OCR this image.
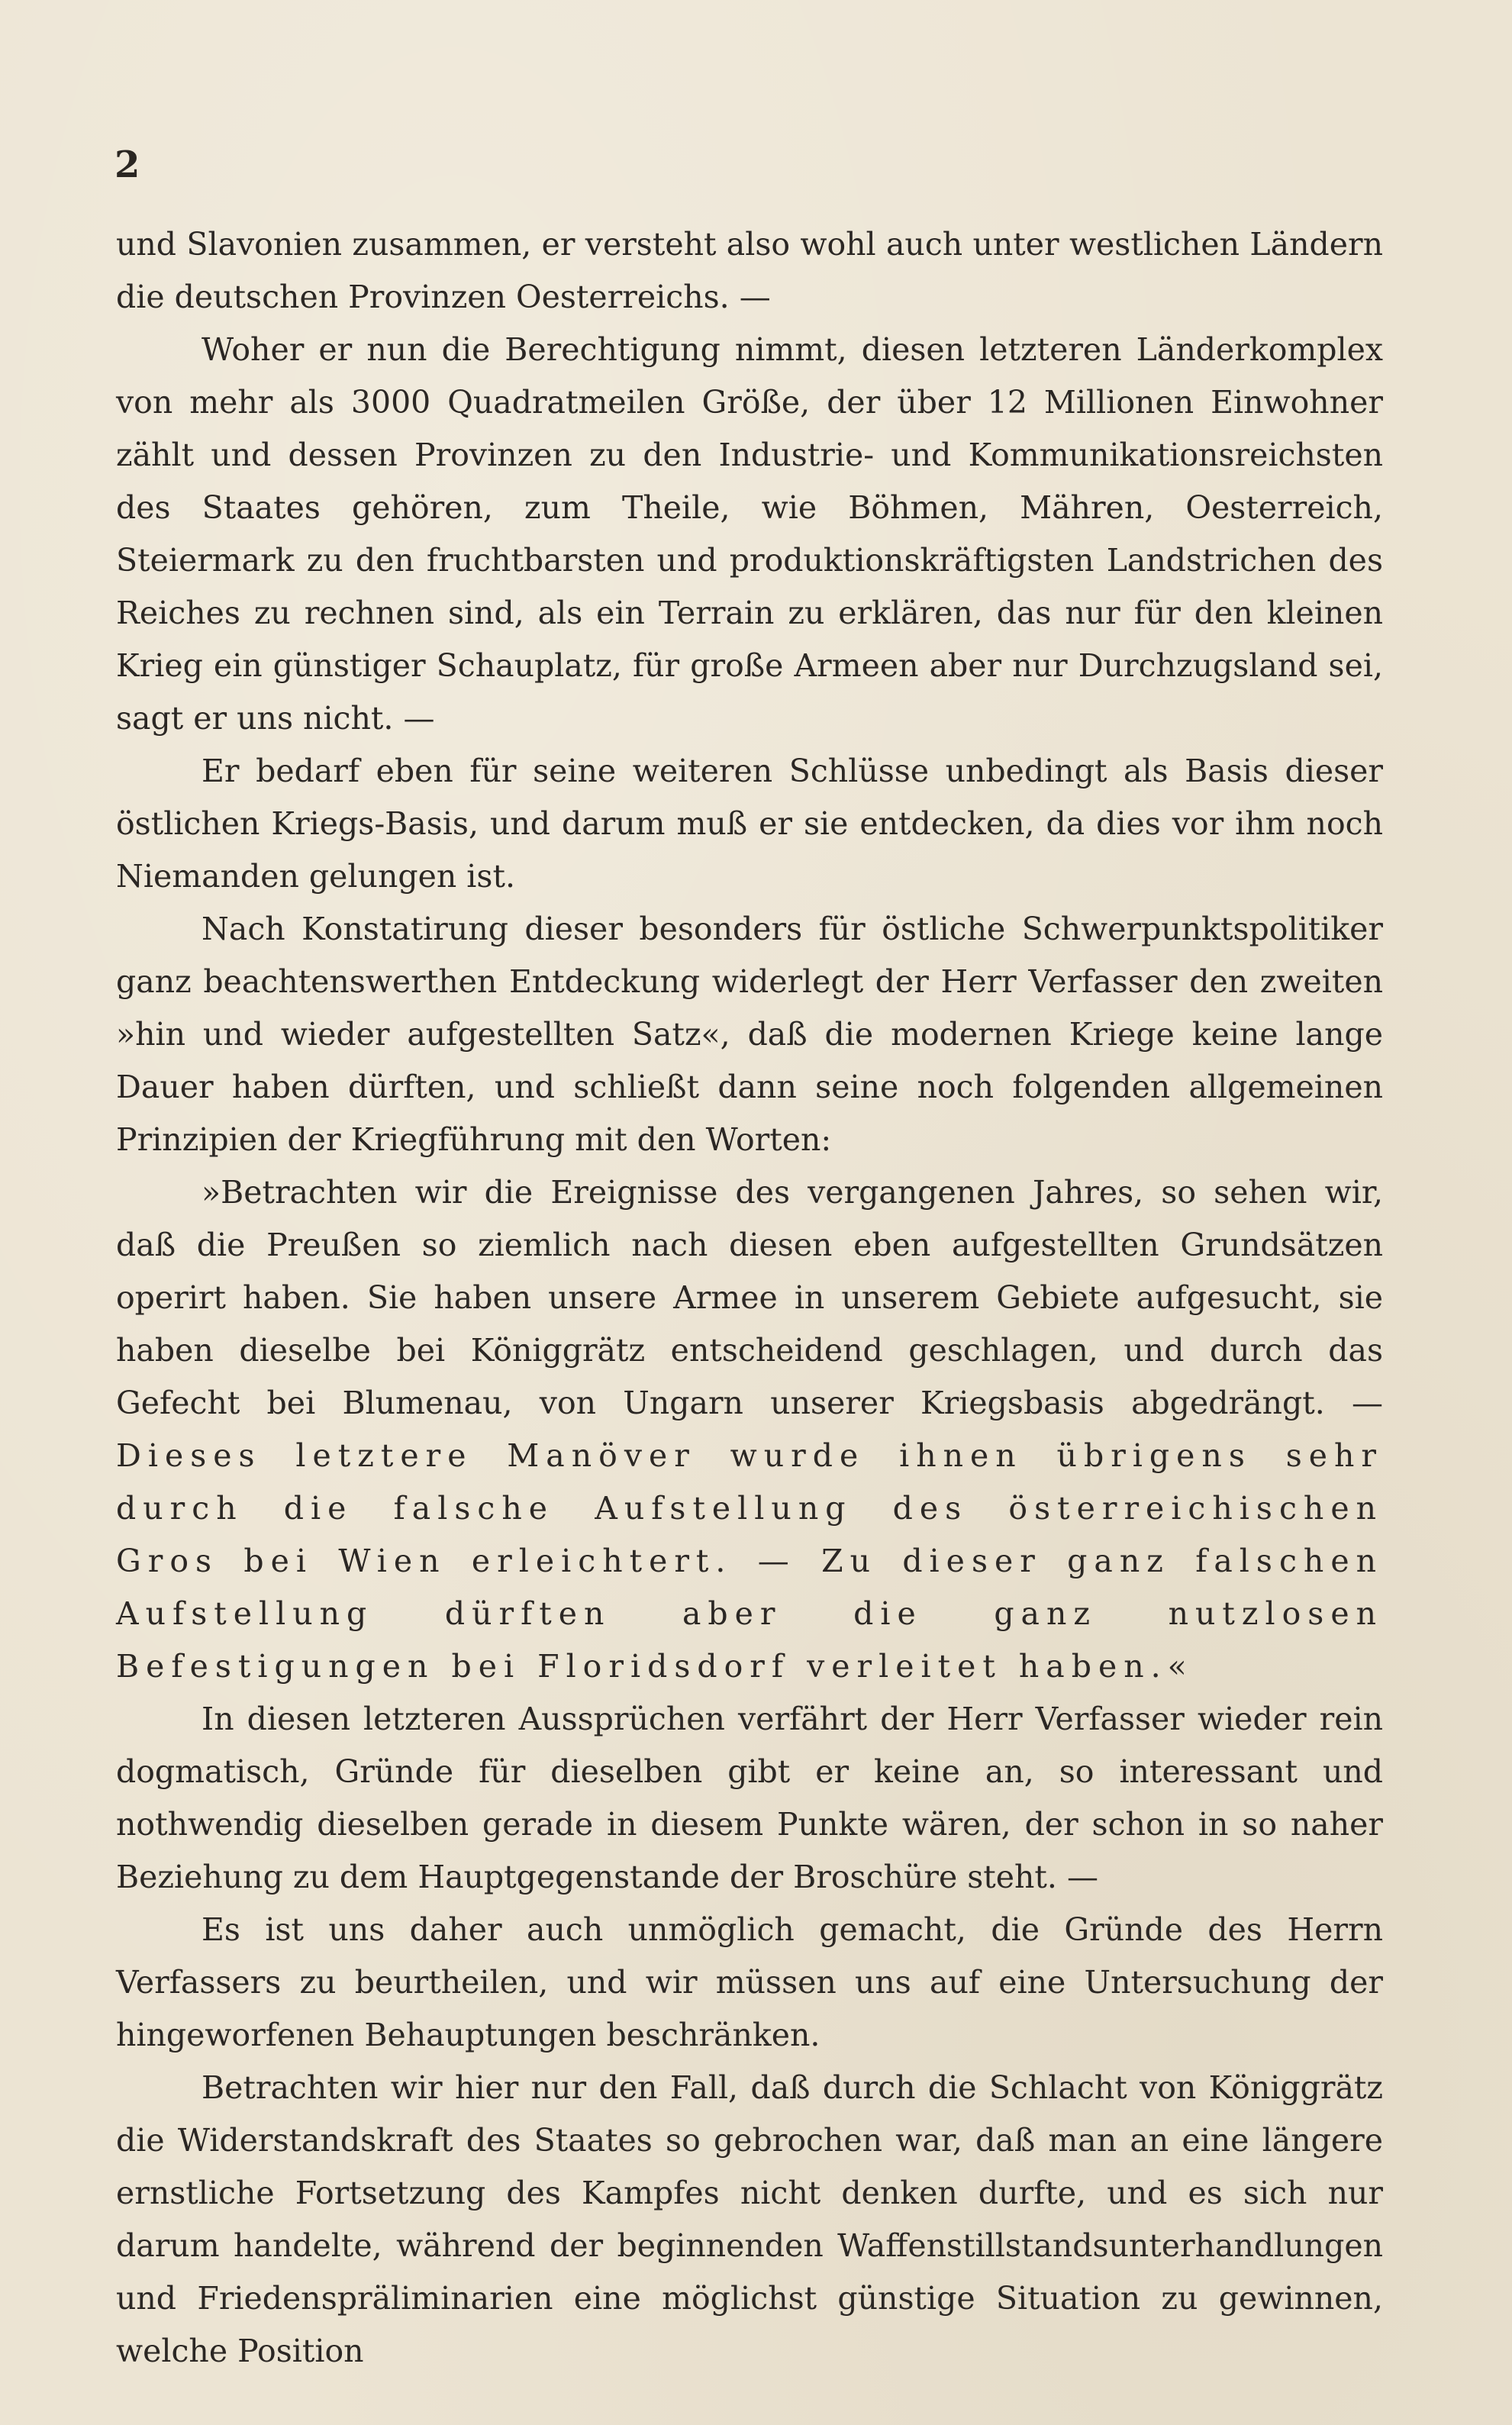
2

und Slavonien zusammen, er versteht also wohl auch unter westlichen Ländern die deutschen Provinzen Oesterreichs. —

Woher er nun die Berechtigung nimmt, diesen letzteren Länderkomplex von mehr als 3000 Quadratmeilen Größe, der über 12 Millionen Einwohner zählt und dessen Provinzen zu den Industrie- und Kommunikationsreichsten des Staates gehören, zum Theile, wie Böhmen, Mähren, Oesterreich, Steiermark zu den fruchtbarsten und produktionskräftigsten Landstrichen des Reiches zu rechnen sind, als ein Terrain zu erklären, das nur für den kleinen Krieg ein günstiger Schauplatz, für große Armeen aber nur Durchzugsland sei, sagt er uns nicht. —

Er bedarf eben für seine weiteren Schlüsse unbedingt als Basis dieser östlichen Kriegs-Basis, und darum muß er sie entdecken, da dies vor ihm noch Niemanden gelungen ist.

Nach Konstatirung dieser besonders für östliche Schwerpunktspolitiker ganz beachtenswerthen Entdeckung widerlegt der Herr Verfasser den zweiten »hin und wieder aufgestellten Satz«, daß die modernen Kriege keine lange Dauer haben dürften, und schließt dann seine noch folgenden allgemeinen Prinzipien der Kriegführung mit den Worten:

»Betrachten wir die Ereignisse des vergangenen Jahres, so sehen wir, daß die Preußen so ziemlich nach diesen eben aufgestellten Grundsätzen operirt haben. Sie haben unsere Armee in unserem Gebiete aufgesucht, sie haben dieselbe bei Königgrätz entscheidend geschlagen, und durch das Gefecht bei Blumenau, von Ungarn unserer Kriegsbasis abgedrängt. — Dieses letztere Manöver wurde ihnen übrigens sehr durch die falsche Aufstellung des österreichischen Gros bei Wien erleichtert. — Zu dieser ganz falschen Aufstellung dürften aber die ganz nutzlosen Befestigungen bei Floridsdorf verleitet haben.«

In diesen letzteren Aussprüchen verfährt der Herr Verfasser wieder rein dogmatisch, Gründe für dieselben gibt er keine an, so interessant und nothwendig dieselben gerade in diesem Punkte wären, der schon in so naher Beziehung zu dem Hauptgegenstande der Broschüre steht. —

Es ist uns daher auch unmöglich gemacht, die Gründe des Herrn Verfassers zu beurtheilen, und wir müssen uns auf eine Untersuchung der hingeworfenen Behauptungen beschränken.

Betrachten wir hier nur den Fall, daß durch die Schlacht von Königgrätz die Widerstandskraft des Staates so gebrochen war, daß man an eine längere ernstliche Fortsetzung des Kampfes nicht denken durfte, und es sich nur darum handelte, während der beginnenden Waffenstillstandsunterhandlungen und Friedenspräliminarien eine möglichst günstige Situation zu gewinnen, welche Position
